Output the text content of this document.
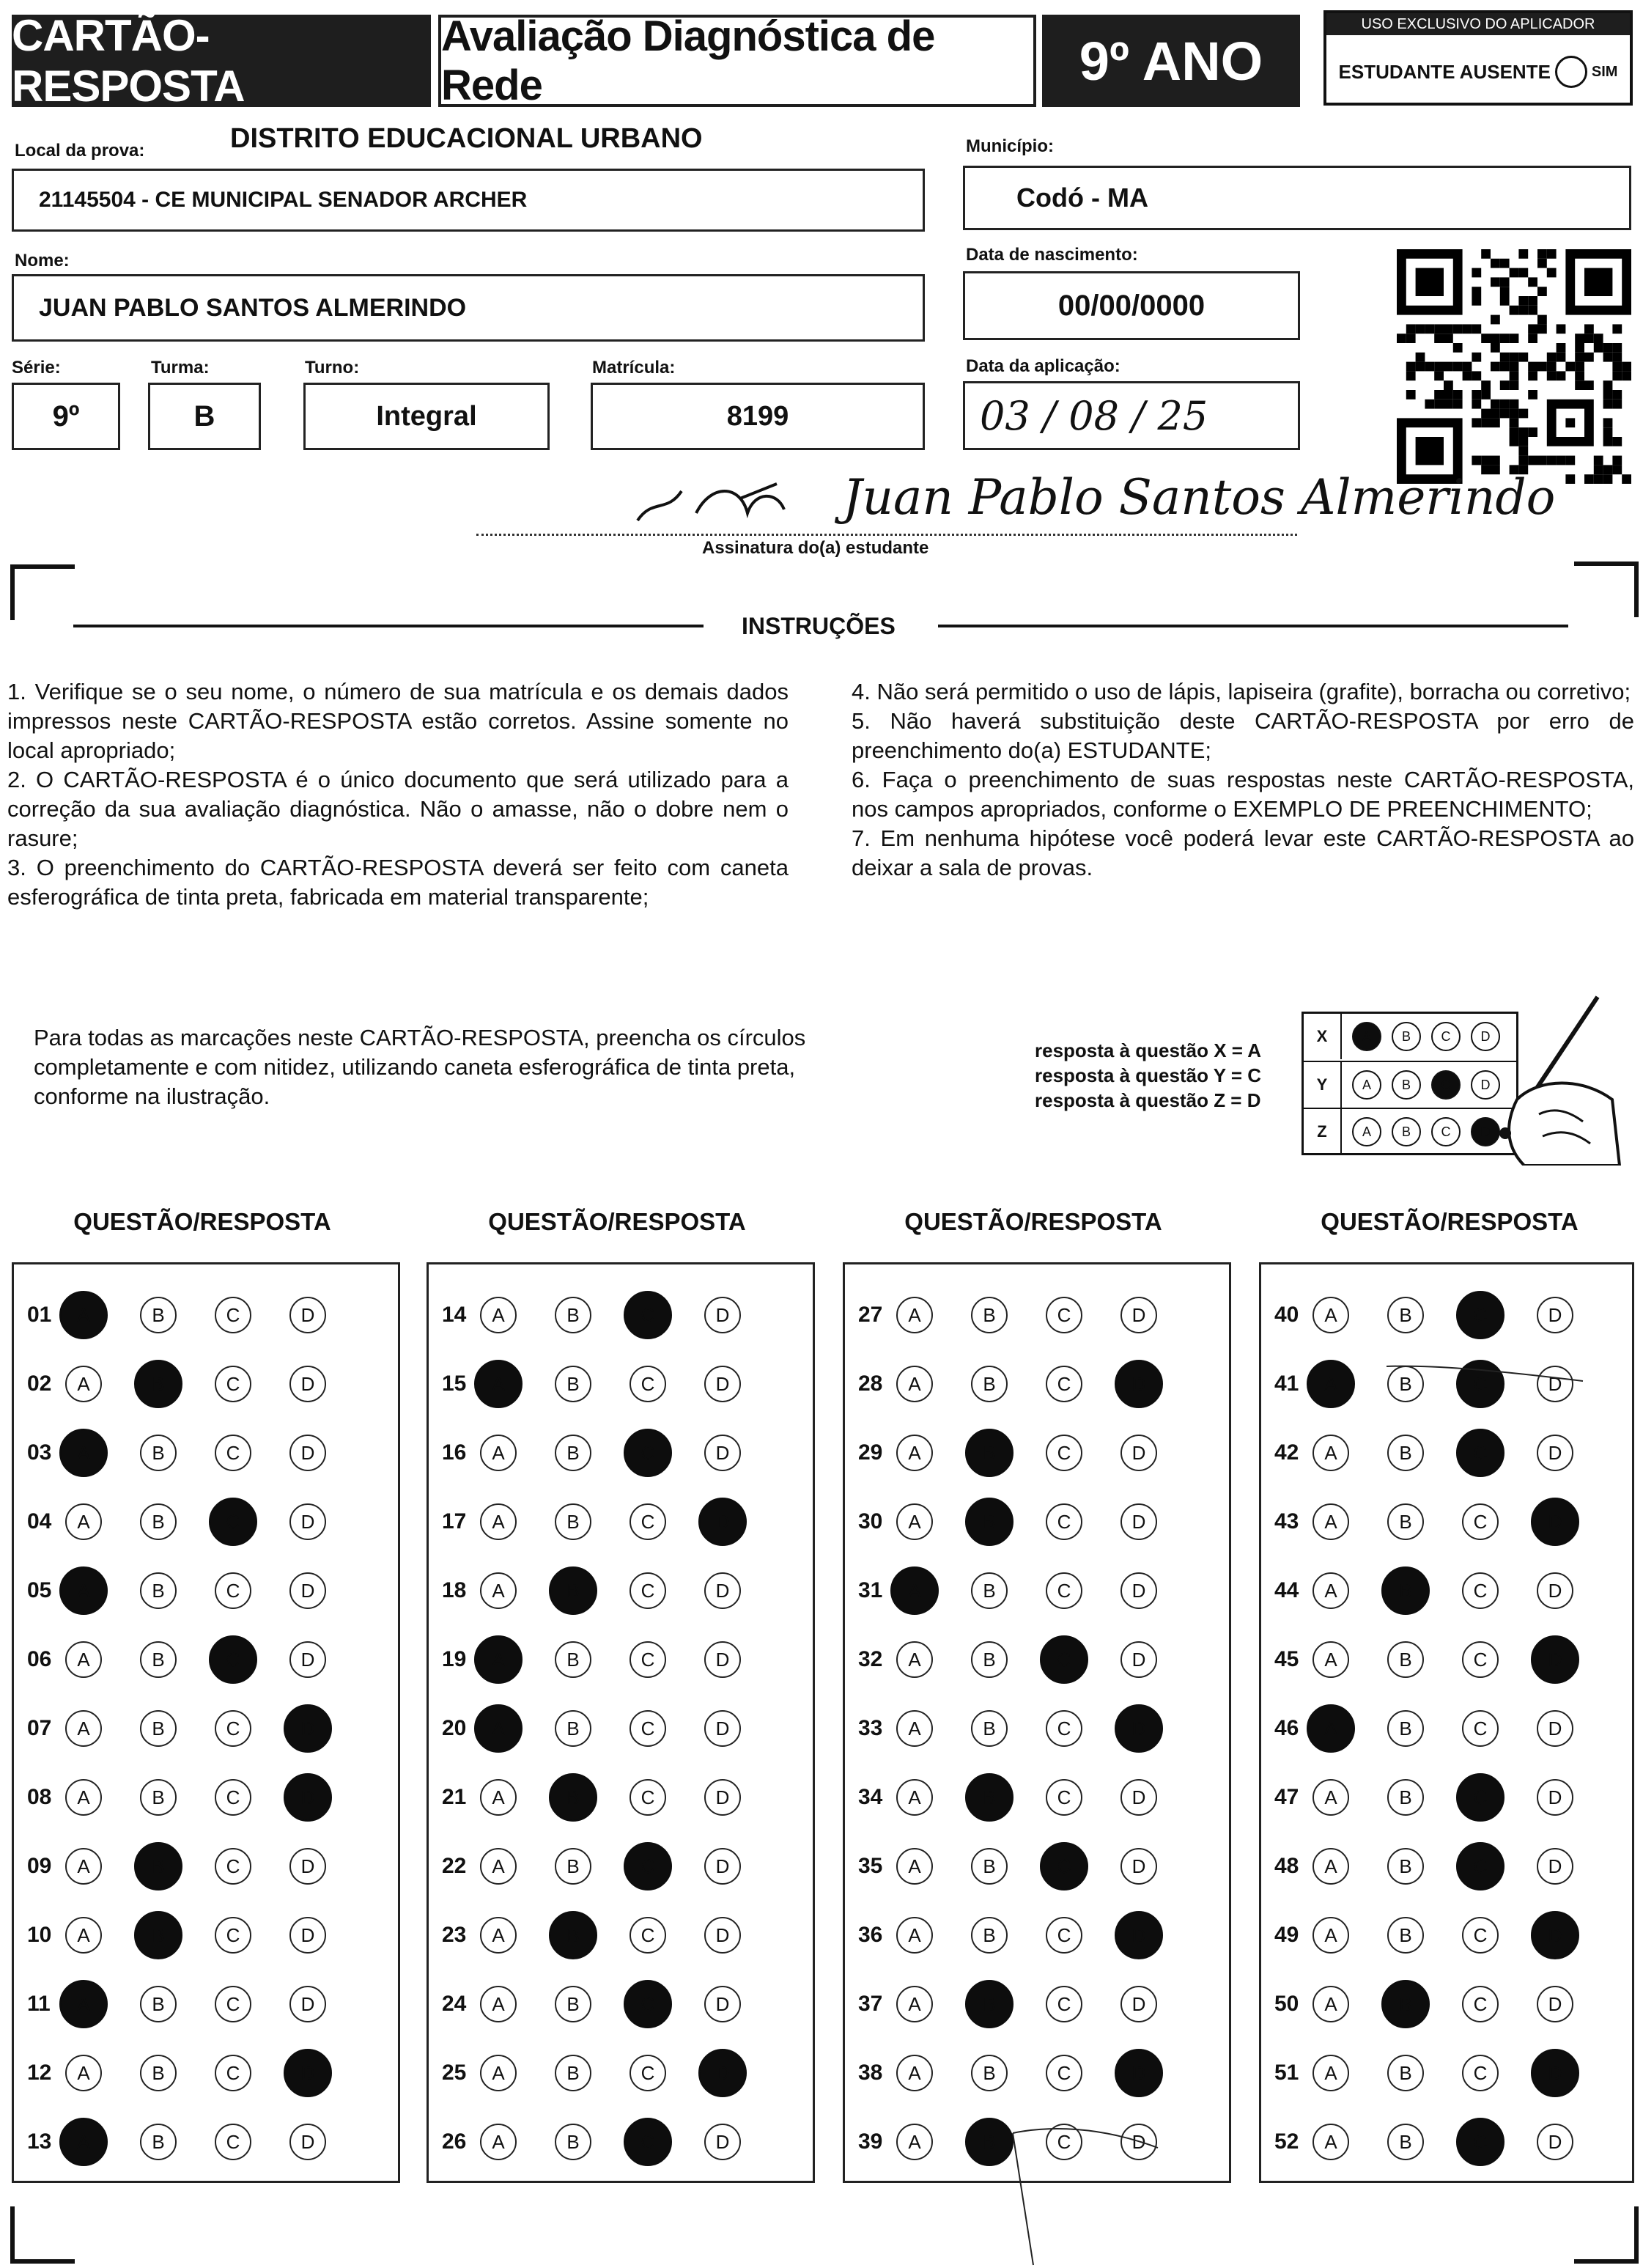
CARTÃO-RESPOSTA
Avaliação Diagnóstica de Rede	9º ANO
USO EXCLUSIVO DO APLICADOR
ESTUDANTE AUSENTE	SIM
Local da prova:	DISTRITO EDUCACIONAL URBANO
21145504 - CE MUNICIPAL SENADOR ARCHER
Município:
Codó - MA
Nome:
JUAN PABLO SANTOS ALMERINDO
Data de nascimento:
00/00/0000
Série:
9º
Turma:
B
Turno:
Integral
Matrícula:
8199
Data da aplicação:
03 / 08 / 25
Juan Pablo Santos Almerindo
Assinatura do(a) estudante
INSTRUÇÕES
1. Verifique se o seu nome, o número de sua matrícula e os demais dados impressos neste CARTÃO-RESPOSTA estão corretos. Assine somente no local apropriado;
2. O CARTÃO-RESPOSTA é o único documento que será utilizado para a correção da sua avaliação diagnóstica. Não o amasse, não o dobre nem o rasure;
3. O preenchimento do CARTÃO-RESPOSTA deverá ser feito com caneta esferográfica de tinta preta, fabricada em material transparente;
4. Não será permitido o uso de lápis, lapiseira (grafite), borracha ou corretivo;
5. Não haverá substituição deste CARTÃO-RESPOSTA por erro de preenchimento do(a) ESTUDANTE;
6. Faça o preenchimento de suas respostas neste CARTÃO-RESPOSTA, nos campos apropriados, conforme o EXEMPLO DE PREENCHIMENTO;
7. Em nenhuma hipótese você poderá levar este CARTÃO-RESPOSTA ao deixar a sala de provas.
Para todas as marcações neste CARTÃO-RESPOSTA, preencha os círculos completamente e com nitidez, utilizando caneta esferográfica de tinta preta, conforme na ilustração.
resposta à questão X = A
resposta à questão Y = C
resposta à questão Z = D
X	A	B	C	D
Y	A	B	C	D
Z	A	B	C	D
QUESTÃO/RESPOSTA	QUESTÃO/RESPOSTA	QUESTÃO/RESPOSTA	QUESTÃO/RESPOSTA
01	A	B	C	D
02	A	B	C	D
03	A	B	C	D
04	A	B	C	D
05	A	B	C	D
06	A	B	C	D
07	A	B	C	D
08	A	B	C	D
09	A	B	C	D
10	A	B	C	D
11	A	B	C	D
12	A	B	C	D
13	A	B	C	D
14	A	B	C	D
15	A	B	C	D
16	A	B	C	D
17	A	B	C	D
18	A	B	C	D
19	A	B	C	D
20	A	B	C	D
21	A	B	C	D
22	A	B	C	D
23	A	B	C	D
24	A	B	C	D
25	A	B	C	D
26	A	B	C	D
27	A	B	C	D
28	A	B	C	D
29	A	B	C	D
30	A	B	C	D
31	A	B	C	D
32	A	B	C	D
33	A	B	C	D
34	A	B	C	D
35	A	B	C	D
36	A	B	C	D
37	A	B	C	D
38	A	B	C	D
39	A	B	C	D
40	A	B	C	D
41	A	B	C	D
42	A	B	C	D
43	A	B	C	D
44	A	B	C	D
45	A	B	C	D
46	A	B	C	D
47	A	B	C	D
48	A	B	C	D
49	A	B	C	D
50	A	B	C	D
51	A	B	C	D
52	A	B	C	D
